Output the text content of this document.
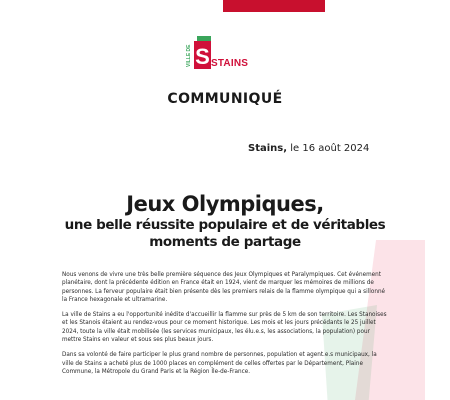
S STAINS
VILLE DE
COMMUNIQUÉ
Stains, le 16 août 2024
Jeux Olympiques,
une belle réussite populaire et de véritables
moments de partage

Nous venons de vivre une très belle première séquence des Jeux Olympiques et Paralympiques. Cet événement planétaire, dont la précédente édition en France était en 1924, vient de marquer les mémoires de millions de personnes. La ferveur populaire était bien présente dès les premiers relais de la flamme olympique qui a sillonné la France hexagonale et ultramarine.

La ville de Stains a eu l'opportunité inédite d'accueillir la flamme sur près de 5 km de son territoire. Les Stanoises et les Stanois étaient au rendez-vous pour ce moment historique. Les mois et les jours précédants le 25 juillet 2024, toute la ville était mobilisée (les services municipaux, les élu.e.s, les associations, la population) pour mettre Stains en valeur et sous ses plus beaux jours.

Dans sa volonté de faire participer le plus grand nombre de personnes, population et agent.e.s municipaux, la ville de Stains a acheté plus de 1000 places en complément de celles offertes par le Département, Plaine Commune, la Métropole du Grand Paris et la Région Île-de-France.
